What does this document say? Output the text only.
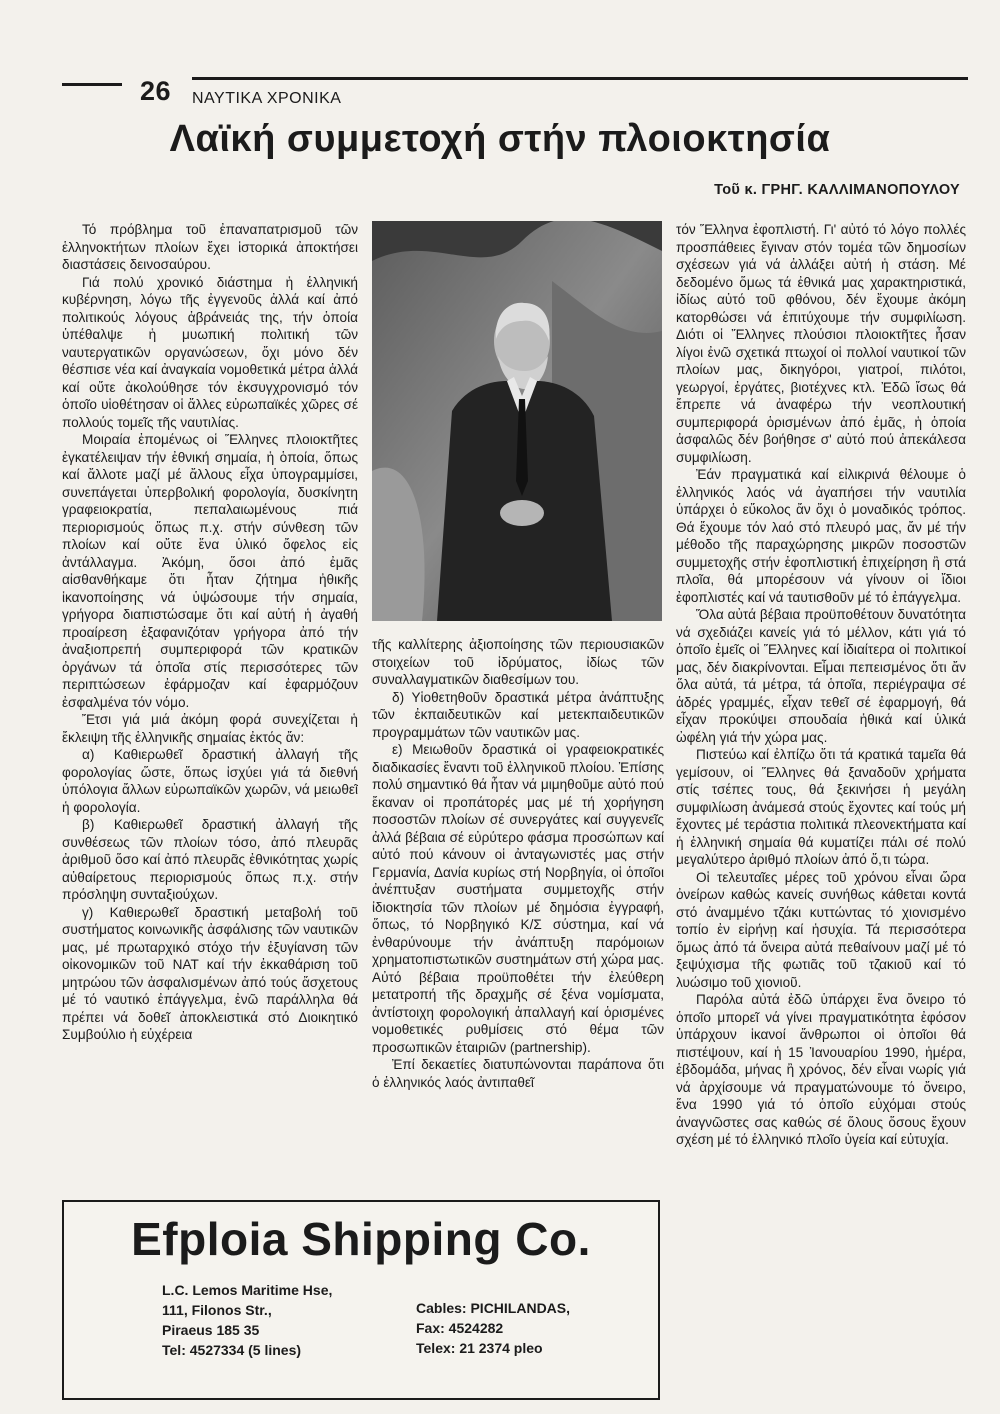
26 ΝΑΥΤΙΚΑ ΧΡΟΝΙΚΑ
Λαϊκή συμμετοχή στήν πλοιοκτησία
Τοῦ κ. ΓΡΗΓ. ΚΑΛΛΙΜΑΝΟΠΟΥΛΟΥ

Τό πρόβλημα τοῦ ἐπαναπατρισμοῦ τῶν ἑλληνοκτήτων πλοίων ἔχει ἱστορικά ἀποκτήσει διαστάσεις δεινοσαύρου.

Γιά πολύ χρονικό διάστημα ἡ ἑλληνική κυβέρνηση, λόγω τῆς ἐγγενοῦς ἀλλά καί ἀπό πολιτικούς λόγους ἀβράνειάς της, τήν ὁποία ὑπέθαλψε ἡ μυωπική πολιτική τῶν ναυτεργατικῶν οργανώσεων, ὄχι μόνο δέν θέσπισε νέα καί ἀναγκαία νομοθετικά μέτρα ἀλλά καί οὔτε ἀκολούθησε τόν ἐκσυγχρονισμό τόν ὁποῖο υἱοθέτησαν οἱ ἄλλες εὐρωπαϊκές χῶρες σέ πολλούς τομεῖς τῆς ναυτιλίας.

Μοιραία ἐπομένως οἱ Ἕλληνες πλοιοκτῆτες ἐγκατέλειψαν τήν ἐθνική σημαία, ἡ ὁποία, ὅπως καί ἄλλοτε μαζί μέ ἄλλους εἶχα ὑπογραμμίσει, συνεπάγεται ὑπερβολική φορολογία, δυσκίνητη γραφειοκρατία, πεπαλαιωμένους πιά περιορισμούς ὅπως π.χ. στήν σύνθεση τῶν πλοίων καί οὔτε ἕνα ὑλικό ὄφελος εἰς ἀντάλλαγμα. Ἀκόμη, ὅσοι ἀπό ἐμᾶς αἰσθανθήκαμε ὅτι ἦταν ζήτημα ἠθικῆς ἱκανοποίησης νά ὑψώσουμε τήν σημαία, γρήγορα διαπιστώσαμε ὅτι καί αὐτή ἡ ἀγαθή προαίρεση ἐξαφανιζόταν γρήγορα ἀπό τήν ἀναξιοπρεπή συμπεριφορά τῶν κρατικῶν ὀργάνων τά ὁποῖα στίς περισσότερες τῶν περιπτώσεων ἐφάρμοζαν καί ἐφαρμόζουν ἐσφαλμένα τόν νόμο.

Ἔτσι γιά μιά ἀκόμη φορά συνεχίζεται ἡ ἔκλειψη τῆς ἑλληνικῆς σημαίας ἐκτός ἄν:

α) Καθιερωθεῖ δραστική ἀλλαγή τῆς φορολογίας ὥστε, ὅπως ἰσχύει γιά τά διεθνή ὑπόλογια ἄλλων εὐρωπαϊκῶν χωρῶν, νά μειωθεῖ ἡ φορολογία.

β) Καθιερωθεῖ δραστική ἀλλαγή τῆς συνθέσεως τῶν πλοίων τόσο, ἀπό πλευρᾶς ἀριθμοῦ ὅσο καί ἀπό πλευρᾶς ἐθνικότητας χωρίς αὐθαίρετους περιορισμούς ὅπως π.χ. στήν πρόσληψη συνταξιούχων.

γ) Καθιερωθεῖ δραστική μεταβολή τοῦ συστήματος κοινωνικῆς ἀσφάλισης τῶν ναυτικῶν μας, μέ πρωταρχικό στόχο τήν ἐξυγίανση τῶν οἰκονομικῶν τοῦ ΝΑΤ καί τήν ἐκκαθάριση τοῦ μητρώου τῶν ἀσφαλισμένων ἀπό τούς ἄσχετους μέ τό ναυτικό ἐπάγγελμα, ἐνῶ παράλληλα θά πρέπει νά δοθεῖ ἀποκλειστικά στό Διοικητικό Συμβούλιο ἡ εὐχέρεια

τῆς καλλίτερης ἀξιοποίησης τῶν περιουσιακῶν στοιχείων τοῦ ἱδρύματος, ἰδίως τῶν συναλλαγματικῶν διαθεσίμων του.

δ) Υἱοθετηθοῦν δραστικά μέτρα ἀνάπτυξης τῶν ἐκπαιδευτικῶν καί μετεκπαιδευτικῶν προγραμμάτων τῶν ναυτικῶν μας.

ε) Μειωθοῦν δραστικά οἱ γραφειοκρατικές διαδικασίες ἔναντι τοῦ ἑλληνικοῦ πλοίου. Ἐπίσης πολύ σημαντικό θά ἦταν νά μιμηθοῦμε αὐτό πού ἔκαναν οἱ προπάτορές μας μέ τή χορήγηση ποσοστῶν πλοίων σέ συνεργάτες καί συγγενεῖς ἀλλά βέβαια σέ εὐρύτερο φάσμα προσώπων καί αὐτό πού κάνουν οἱ ἀνταγωνιστές μας στήν Γερμανία, Δανία κυρίως στή Νορβηγία, οἱ ὁποῖοι ἀνέπτυξαν συστήματα συμμετοχῆς στήν ἰδιοκτησία τῶν πλοίων μέ δημόσια ἐγγραφή, ὅπως, τό Νορβηγικό Κ/Σ σύστημα, καί νά ἐνθαρύνουμε τήν ἀνάπτυξη παρόμοιων χρηματοπιστωτικῶν συστημάτων στή χώρα μας. Αὐτό βέβαια προϋποθέτει τήν ἐλεύθερη μετατροπή τῆς δραχμῆς σέ ξένα νομίσματα, ἀντίστοιχη φορολογική ἀπαλλαγή καί ὁρισμένες νομοθετικές ρυθμίσεις στό θέμα τῶν προσωπικῶν ἑταιριῶν (partnership).

Ἐπί δεκαετίες διατυπώνονται παράπονα ὅτι ὁ ἑλληνικός λαός ἀντιπαθεῖ

τόν Ἕλληνα ἐφοπλιστή. Γι' αὐτό τό λόγο πολλές προσπάθειες ἔγιναν στόν τομέα τῶν δημοσίων σχέσεων γιά νά ἀλλάξει αὐτή ἡ στάση. Μέ δεδομένο ὅμως τά ἐθνικά μας χαρακτηριστικά, ἰδίως αὐτό τοῦ φθόνου, δέν ἔχουμε ἀκόμη κατορθώσει νά ἐπιτύχουμε τήν συμφιλίωση. Διότι οἱ Ἕλληνες πλούσιοι πλοιοκτῆτες ἦσαν λίγοι ἐνῶ σχετικά πτωχοί οἱ πολλοί ναυτικοί τῶν πλοίων μας, δικηγόροι, γιατροί, πιλότοι, γεωργοί, ἐργάτες, βιοτέχνες κτλ. Ἐδῶ ἴσως θά ἔπρεπε νά ἀναφέρω τήν νεοπλουτική συμπεριφορά ὁρισμένων ἀπό ἐμᾶς, ἡ ὁποία ἀσφαλῶς δέν βοήθησε σ' αὐτό πού ἀπεκάλεσα συμφιλίωση.

Ἐάν πραγματικά καί εἰλικρινά θέλουμε ὁ ἑλληνικός λαός νά ἀγαπήσει τήν ναυτιλία ὑπάρχει ὁ εὔκολος ἄν ὄχι ὁ μοναδικός τρόπος. Θά ἔχουμε τόν λαό στό πλευρό μας, ἄν μέ τήν μέθοδο τῆς παραχώρησης μικρῶν ποσοστῶν συμμετοχῆς στήν ἐφοπλιστική ἐπιχείρηση ἢ στά πλοῖα, θά μπορέσουν νά γίνουν οἱ ἴδιοι ἐφοπλιστές καί νά ταυτισθοῦν μέ τό ἐπάγγελμα.

Ὅλα αὐτά βέβαια προϋποθέτουν δυνατότητα νά σχεδιάζει κανείς γιά τό μέλλον, κάτι γιά τό ὁποῖο ἐμεῖς οἱ Ἕλληνες καί ἰδιαίτερα οἱ πολιτικοί μας, δέν διακρίνονται. Εἶμαι πεπεισμένος ὅτι ἄν ὅλα αὐτά, τά μέτρα, τά ὁποῖα, περιέγραψα σέ ἁδρές γραμμές, εἶχαν τεθεῖ σέ ἐφαρμογή, θά εἶχαν προκύψει σπουδαία ἠθικά καί ὑλικά ὠφέλη γιά τήν χώρα μας.

Πιστεύω καί ἐλπίζω ὅτι τά κρατικά ταμεῖα θά γεμίσουν, οἱ Ἕλληνες θά ξαναδοῦν χρήματα στίς τσέπες τους, θά ξεκινήσει ἡ μεγάλη συμφιλίωση ἀνάμεσά στούς ἔχοντες καί τούς μή ἔχοντες μέ τεράστια πολιτικά πλεονεκτήματα καί ἡ ἑλληνική σημαία θά κυματίζει πάλι σέ πολύ μεγαλύτερο ἀριθμό πλοίων ἀπό ὅ,τι τώρα.

Οἱ τελευταῖες μέρες τοῦ χρόνου εἶναι ὥρα ὀνείρων καθώς κανείς συνήθως κάθεται κοντά στό ἀναμμένο τζάκι κυττώντας τό χιονισμένο τοπίο ἐν εἰρήνῃ καί ἡσυχία. Τά περισσότερα ὅμως ἀπό τά ὄνειρα αὐτά πεθαίνουν μαζί μέ τό ξεψύχισμα τῆς φωτιᾶς τοῦ τζακιοῦ καί τό λυώσιμο τοῦ χιονιοῦ.

Παρόλα αὐτά ἐδῶ ὑπάρχει ἕνα ὄνειρο τό ὁποῖο μπορεῖ νά γίνει πραγματικότητα ἐφόσον ὑπάρχουν ἱκανοί ἄνθρωποι οἱ ὁποῖοι θά πιστέψουν, καί ἡ 15 Ἰανουαρίου 1990, ἡμέρα, ἑβδομάδα, μήνας ἢ χρόνος, δέν εἶναι νωρίς γιά νά ἀρχίσουμε νά πραγματώνουμε τό ὄνειρο, ἕνα 1990 γιά τό ὁποῖο εὐχόμαι στούς ἀναγνῶστες σας καθώς σέ ὅλους ὅσους ἔχουν σχέση μέ τό ἑλληνικό πλοῖο ὑγεία καί εὐτυχία.

Efploia Shipping Co.
L.C. Lemos Maritime Hse,
111, Filonos Str.,
Piraeus 185 35
Tel: 4527334 (5 lines)
Cables: PICHILANDAS,
Fax: 4524282
Telex: 21 2374 pleo
